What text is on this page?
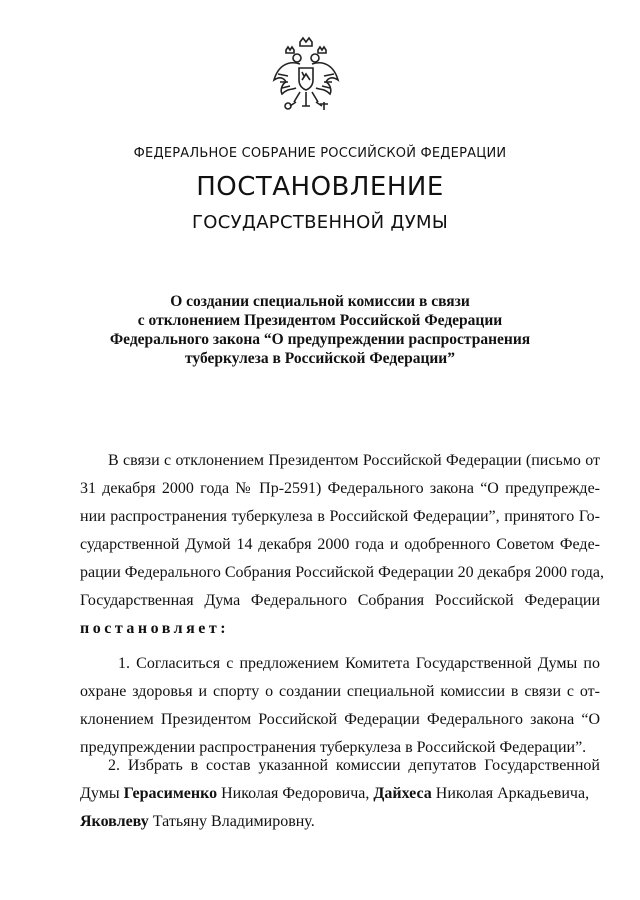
ФЕДЕРАЛЬНОЕ СОБРАНИЕ РОССИЙСКОЙ ФЕДЕРАЦИИ
ПОСТАНОВЛЕНИЕ
ГОСУДАРСТВЕННОЙ ДУМЫ
О создании специальной комиссии в связи
с отклонением Президентом Российской Федерации
Федерального закона “О предупреждении распространения
туберкулеза в Российской Федерации”
В связи с отклонением Президентом Российской Федерации (письмо от
31 декабря 2000 года № Пр-2591) Федерального закона “О предупрежде-
нии распространения туберкулеза в Российской Федерации”, принятого Го-
сударственной Думой 14 декабря 2000 года и одобренного Советом Феде-
рации Федерального Собрания Российской Федерации 20 декабря 2000 года,
Государственная Дума Федерального Собрания Российской Федерации
постановляет:
1. Согласиться с предложением Комитета Государственной Думы по
охране здоровья и спорту о создании специальной комиссии в связи с от-
клонением Президентом Российской Федерации Федерального закона “О
предупреждении распространения туберкулеза в Российской Федерации”.
2. Избрать в состав указанной комиссии депутатов Государственной
Думы Герасименко Николая Федоровича, Дайхеса Николая Аркадьевича,
Яковлеву Татьяну Владимировну.
